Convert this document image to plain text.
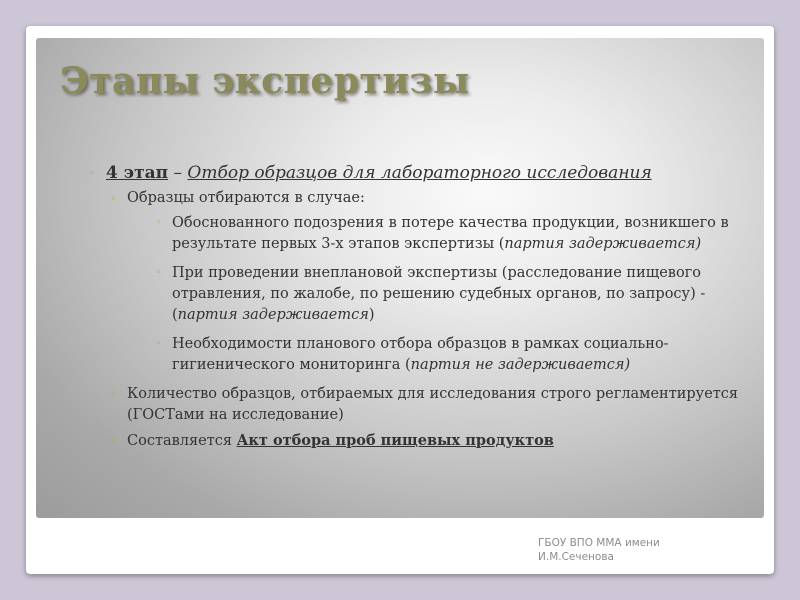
Этапы экспертизы
◦ 4 этап – Отбор образцов для лабораторного исследования
◦ Образцы отбираются в случае:
◦ Обоснованного подозрения в потере качества продукции, возникшего в результате первых 3-х этапов экспертизы (партия задерживается)
◦ При проведении внеплановой экспертизы (расследование пищевого отравления, по жалобе, по решению судебных органов, по запросу) - (партия задерживается)
◦ Необходимости планового отбора образцов в рамках социально-гигиенического мониторинга (партия не задерживается)
◦ Количество образцов, отбираемых для исследования строго регламентируется (ГОСТами на исследование)
◦ Составляется Акт отбора проб пищевых продуктов
ГБОУ ВПО ММА имени И.М.Сеченова
